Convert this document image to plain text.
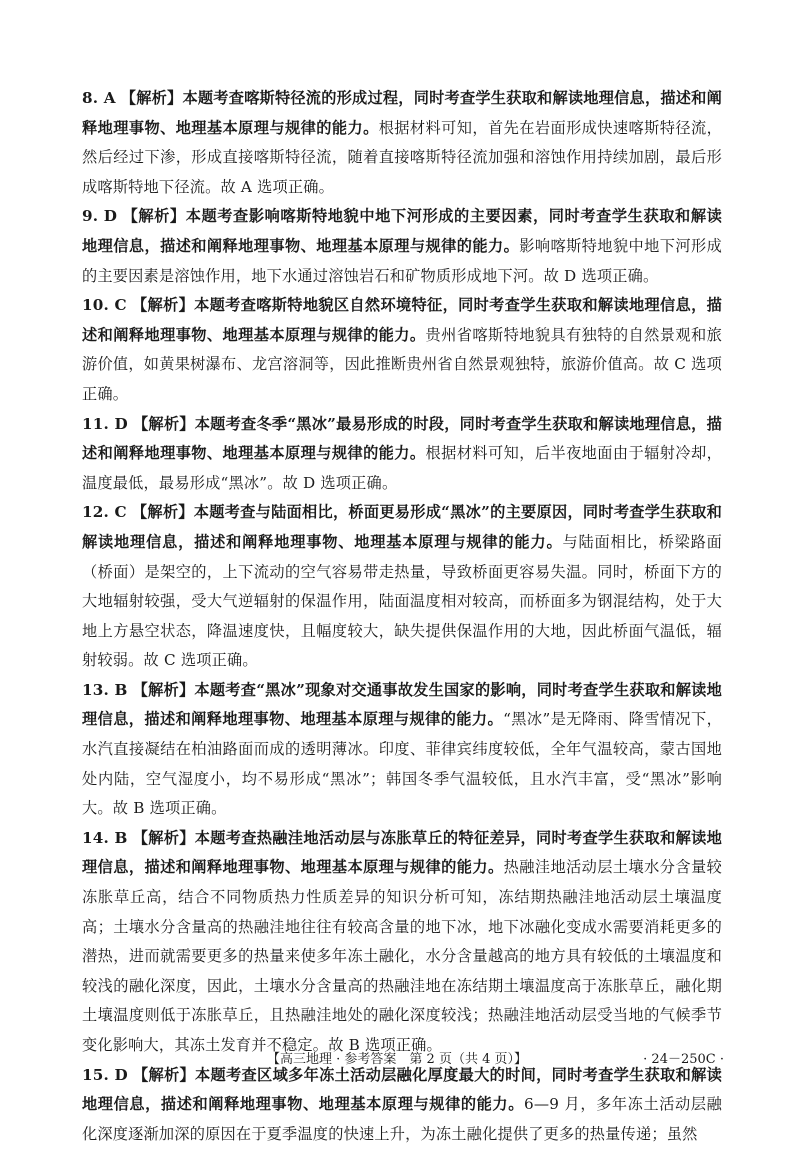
8. A 【解析】本题考查喀斯特径流的形成过程，同时考查学生获取和解读地理信息，描述和阐释地理事物、地理基本原理与规律的能力。根据材料可知，首先在岩面形成快速喀斯特径流，然后经过下渗，形成直接喀斯特径流，随着直接喀斯特径流加强和溶蚀作用持续加剧，最后形成喀斯特地下径流。故 A 选项正确。
9. D 【解析】本题考查影响喀斯特地貌中地下河形成的主要因素，同时考查学生获取和解读地理信息，描述和阐释地理事物、地理基本原理与规律的能力。影响喀斯特地貌中地下河形成的主要因素是溶蚀作用，地下水通过溶蚀岩石和矿物质形成地下河。故 D 选项正确。
10. C 【解析】本题考查喀斯特地貌区自然环境特征，同时考查学生获取和解读地理信息，描述和阐释地理事物、地理基本原理与规律的能力。贵州省喀斯特地貌具有独特的自然景观和旅游价值，如黄果树瀑布、龙宫溶洞等，因此推断贵州省自然景观独特，旅游价值高。故 C 选项正确。
11. D 【解析】本题考查冬季“黑冰”最易形成的时段，同时考查学生获取和解读地理信息，描述和阐释地理事物、地理基本原理与规律的能力。根据材料可知，后半夜地面由于辐射冷却，温度最低，最易形成“黑冰”。故 D 选项正确。
12. C 【解析】本题考查与陆面相比，桥面更易形成“黑冰”的主要原因，同时考查学生获取和解读地理信息，描述和阐释地理事物、地理基本原理与规律的能力。与陆面相比，桥梁路面（桥面）是架空的，上下流动的空气容易带走热量，导致桥面更容易失温。同时，桥面下方的大地辐射较强，受大气逆辐射的保温作用，陆面温度相对较高，而桥面多为钢混结构，处于大地上方悬空状态，降温速度快，且幅度较大，缺失提供保温作用的大地，因此桥面气温低，辐射较弱。故 C 选项正确。
13. B 【解析】本题考查“黑冰”现象对交通事故发生国家的影响，同时考查学生获取和解读地理信息，描述和阐释地理事物、地理基本原理与规律的能力。“黑冰”是无降雨、降雪情况下，水汽直接凝结在柏油路面而成的透明薄冰。印度、菲律宾纬度较低，全年气温较高，蒙古国地处内陆，空气湿度小，均不易形成“黑冰”；韩国冬季气温较低，且水汽丰富，受“黑冰”影响大。故 B 选项正确。
14. B 【解析】本题考查热融洼地活动层与冻胀草丘的特征差异，同时考查学生获取和解读地理信息，描述和阐释地理事物、地理基本原理与规律的能力。热融洼地活动层土壤水分含量较冻胀草丘高，结合不同物质热力性质差异的知识分析可知，冻结期热融洼地活动层土壤温度高；土壤水分含量高的热融洼地往往有较高含量的地下冰，地下冰融化变成水需要消耗更多的潜热，进而就需要更多的热量来使多年冻土融化，水分含量越高的地方具有较低的土壤温度和较浅的融化深度，因此，土壤水分含量高的热融洼地在冻结期土壤温度高于冻胀草丘，融化期土壤温度则低于冻胀草丘，且热融洼地处的融化深度较浅；热融洼地活动层受当地的气候季节变化影响大，其冻土发育并不稳定。故 B 选项正确。
15. D 【解析】本题考查区域多年冻土活动层融化厚度最大的时间，同时考查学生获取和解读地理信息，描述和阐释地理事物、地理基本原理与规律的能力。6—9 月，多年冻土活动层融化深度逐渐加深的原因在于夏季温度的快速上升，为冻土融化提供了更多的热量传递；虽然
【高三地理 · 参考答案　第 2 页（共 4 页）】	· 24－250C ·
